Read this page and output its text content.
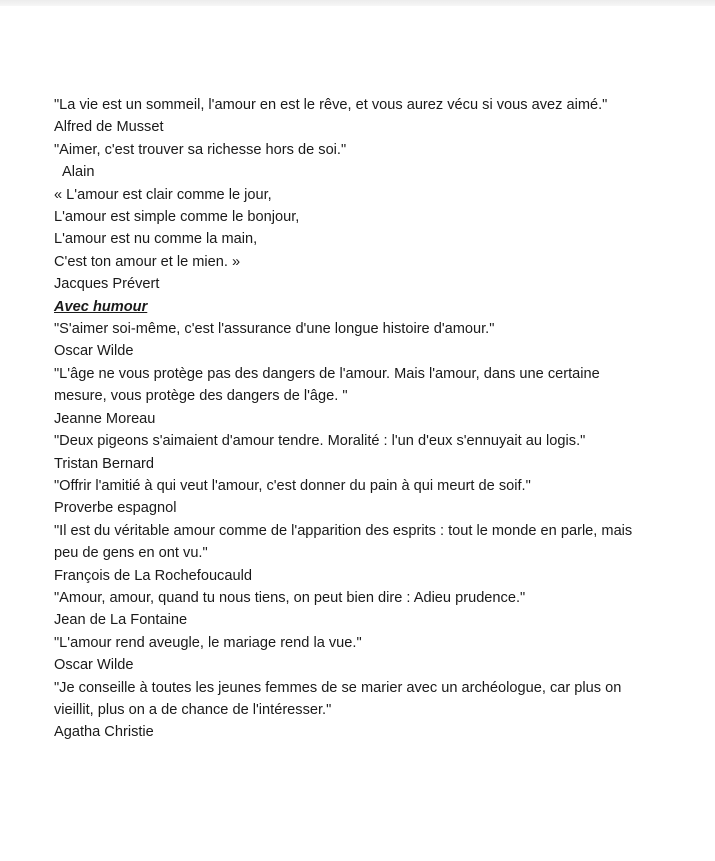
"La vie est un sommeil, l'amour en est le rêve, et vous aurez vécu si vous avez aimé."
Alfred de Musset
"Aimer, c'est trouver sa richesse hors de soi."
Alain
« L'amour est clair comme le jour,
L'amour est simple comme le bonjour,
L'amour est nu comme la main,
C'est ton amour et le mien. »
Jacques Prévert
Avec humour
"S'aimer soi-même, c'est l'assurance d'une longue histoire d'amour."
Oscar Wilde
"L'âge ne vous protège pas des dangers de l'amour. Mais l'amour, dans une certaine
mesure, vous protège des dangers de l'âge. "
Jeanne Moreau
"Deux pigeons s'aimaient d'amour tendre. Moralité : l'un d'eux s'ennuyait au logis."
Tristan Bernard
"Offrir l'amitié à qui veut l'amour, c'est donner du pain à qui meurt de soif."
Proverbe espagnol
"Il est du véritable amour comme de l'apparition des esprits : tout le monde en parle, mais
peu de gens en ont vu."
François de La Rochefoucauld
"Amour, amour, quand tu nous tiens, on peut bien dire : Adieu prudence."
Jean de La Fontaine
"L'amour rend aveugle, le mariage rend la vue."
Oscar Wilde
"Je conseille à toutes les jeunes femmes de se marier avec un archéologue, car plus on
vieillit, plus on a de chance de l'intéresser."
Agatha Christie
